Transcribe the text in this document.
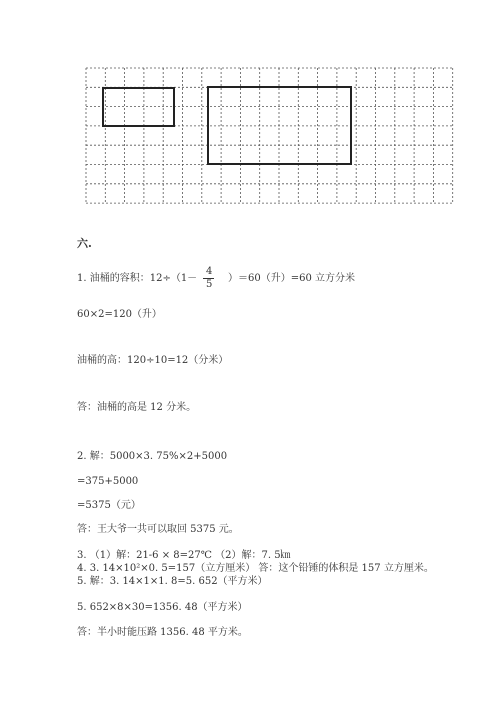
六.
1. 油桶的容积：12÷（1－
4
5
）＝60（升）=60 立方分米
60×2=120（升）
油桶的高：120÷10=12（分米）
答：油桶的高是 12 分米。
2. 解：5000×3. 75%×2+5000
=375+5000
=5375（元）
答：王大爷一共可以取回 5375 元。
3. （1）解：21-6 × 8=27℃ （2）解：7. 5㎞
4. 3. 14×10²×0. 5=157（立方厘米） 答：这个铅锤的体积是 157 立方厘米。
5. 解：3. 14×1×1. 8=5. 652（平方米）
5. 652×8×30=1356. 48（平方米）
答：半小时能压路 1356. 48 平方米。
